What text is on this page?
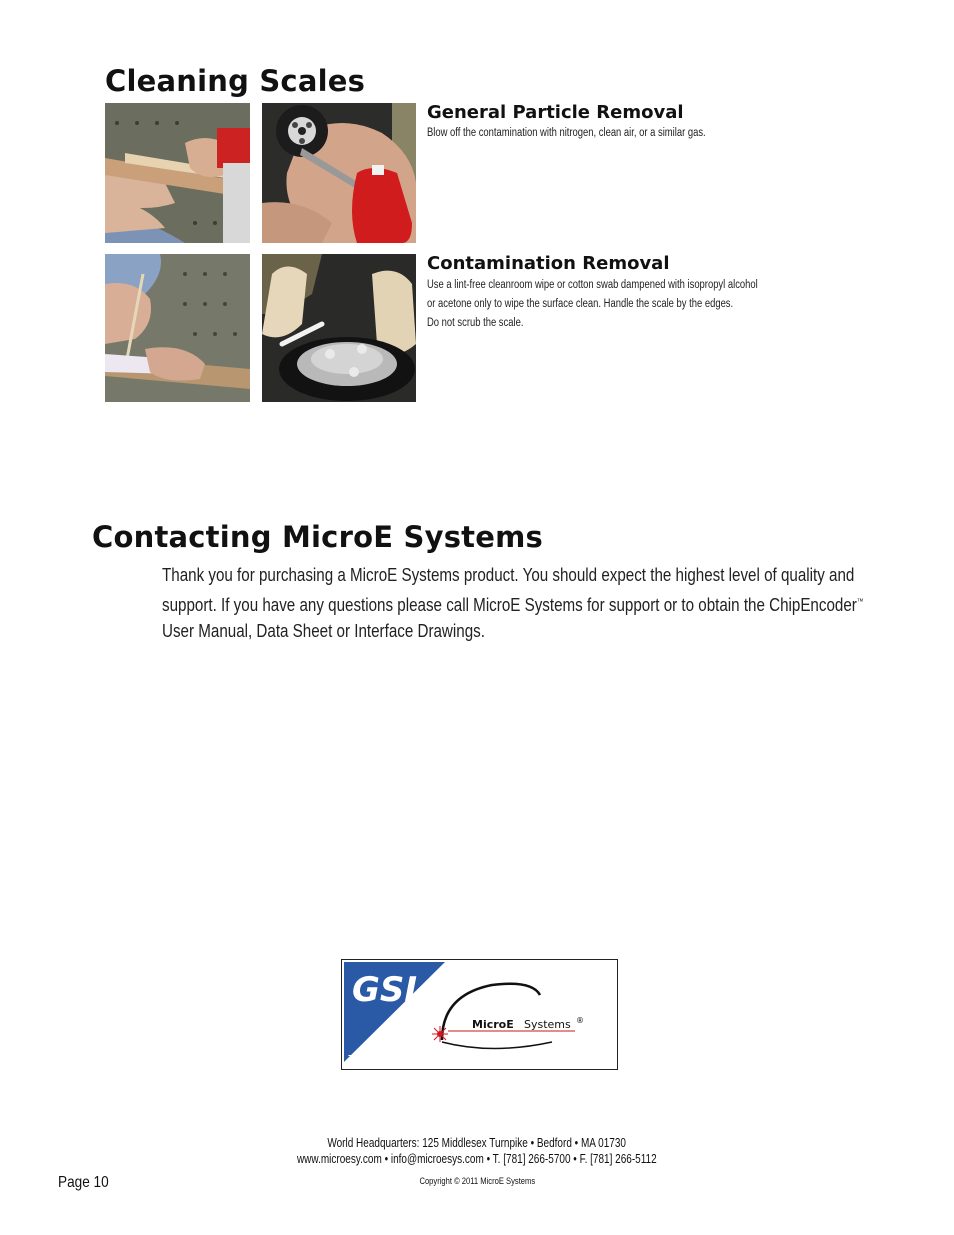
Cleaning Scales
General Particle Removal

Blow off the contamination with nitrogen, clean air, or a similar gas.

Contamination Removal

Use a lint-free cleanroom wipe or cotton swab dampened with isopropyl alcohol

or acetone only to wipe the surface clean. Handle the scale by the edges.

Do not scrub the scale.

Contacting MicroE Systems

Thank you for purchasing a MicroE Systems product. You should expect the highest level of quality and

support. If you have any questions please call MicroE Systems for support or to obtain the ChipEncoder™

User Manual, Data Sheet or Interface Drawings.

GSI
TM
MicroE Systems ®
World Headquarters: 125 Middlesex Turnpike • Bedford • MA 01730
www.microesy.com • info@microesys.com • T. [781] 266-5700 • F. [781] 266-5112
Copyright © 2011 MicroE Systems
Page 10
